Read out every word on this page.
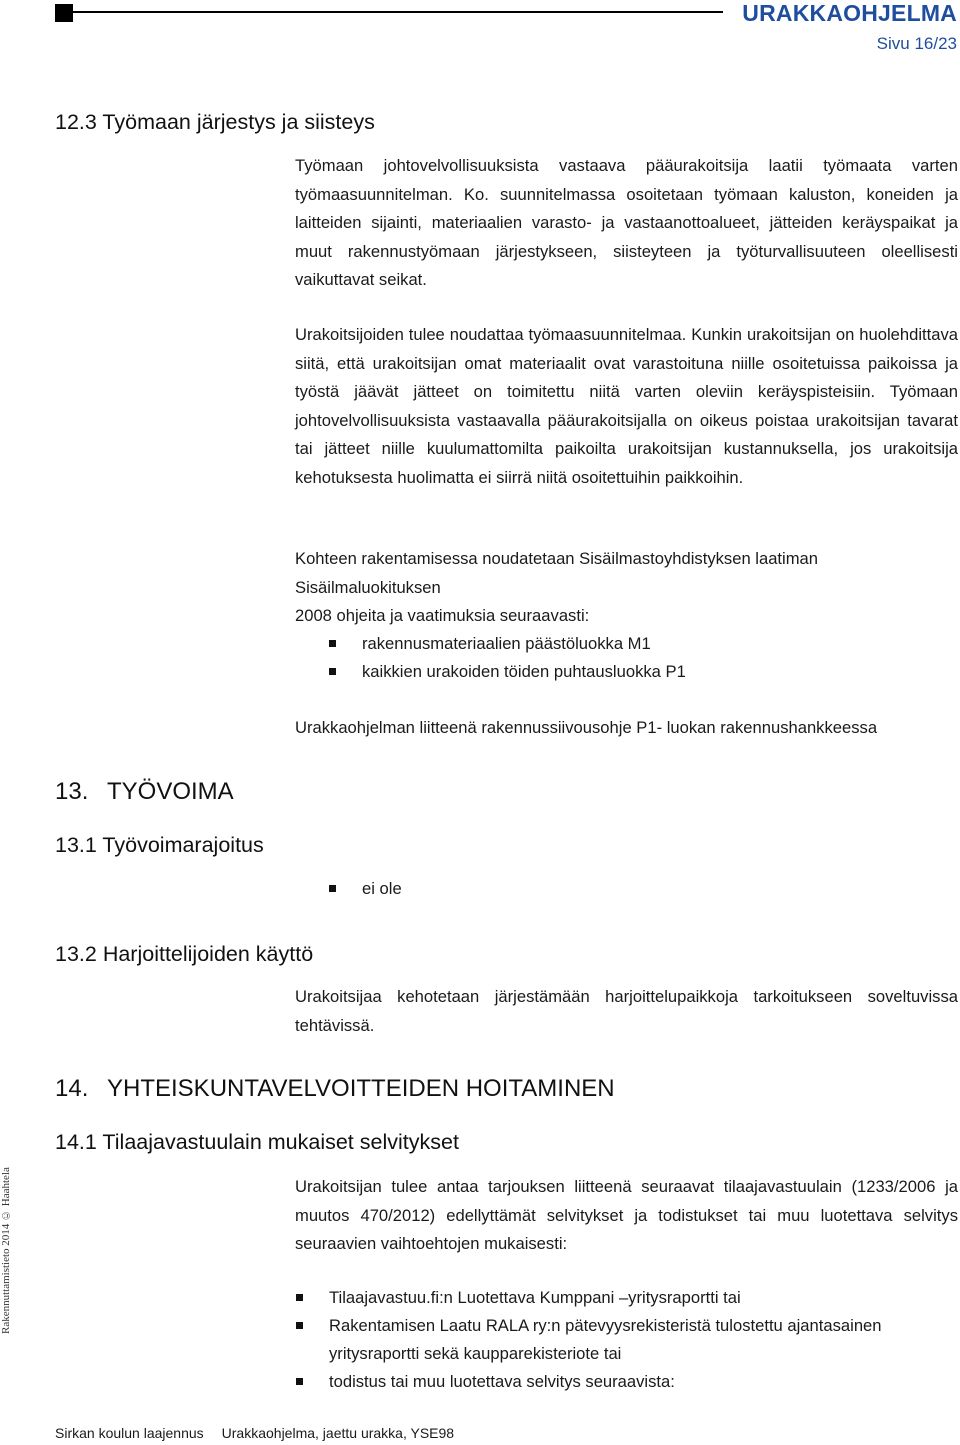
URAKKAOHJELMA
Sivu 16/23
12.3 Työmaan järjestys ja siisteys

Työmaan johtovelvollisuuksista vastaava pääurakoitsija laatii työmaata varten työmaasuunnitelman. Ko. suunnitelmassa osoitetaan työmaan kaluston, koneiden ja laitteiden sijainti, materiaalien varasto- ja vastaanottoalueet, jätteiden keräyspaikat ja muut rakennustyömaan järjestykseen, siisteyteen ja työturvallisuuteen oleellisesti vaikuttavat seikat.

Urakoitsijoiden tulee noudattaa työmaasuunnitelmaa. Kunkin urakoitsijan on huolehdittava siitä, että urakoitsijan omat materiaalit ovat varastoituna niille osoitetuissa paikoissa ja työstä jäävät jätteet on toimitettu niitä varten oleviin keräyspisteisiin. Työmaan johtovelvollisuuksista vastaavalla pääurakoitsijalla on oikeus poistaa urakoitsijan tavarat tai jätteet niille kuulumattomilta paikoilta urakoitsijan kustannuksella, jos urakoitsija kehotuksesta huolimatta ei siirrä niitä osoitettuihin paikkoihin.

Kohteen rakentamisessa noudatetaan Sisäilmastoyhdistyksen laatiman Sisäilmaluokituksen

2008 ohjeita ja vaatimuksia seuraavasti:
rakennusmateriaalien päästöluokka M1
kaikkien urakoiden töiden puhtausluokka P1
Urakkaohjelman liitteenä rakennussiivousohje P1- luokan rakennushankkeessa
13. TYÖVOIMA
13.1 Työvoimarajoitus
ei ole
13.2 Harjoittelijoiden käyttö

Urakoitsijaa kehotetaan järjestämään harjoittelupaikkoja tarkoitukseen soveltuvissa tehtävissä.

14. YHTEISKUNTAVELVOITTEIDEN HOITAMINEN
14.1 Tilaajavastuulain mukaiset selvitykset

Urakoitsijan tulee antaa tarjouksen liitteenä seuraavat tilaajavastuulain (1233/2006 ja muutos 470/2012) edellyttämät selvitykset ja todistukset tai muu luotettava selvitys seuraavien vaihtoehtojen mukaisesti:

Tilaajavastuu.fi:n Luotettava Kumppani –yritysraportti tai
Rakentamisen Laatu RALA ry:n pätevyysrekisteristä tulostettu ajantasainen
yritysraportti sekä kaupparekisteriote tai
todistus tai muu luotettava selvitys seuraavista:
Rakennuttamistieto 2014 © Haahtela
Sirkan koulun laajennus Urakkaohjelma, jaettu urakka, YSE98
